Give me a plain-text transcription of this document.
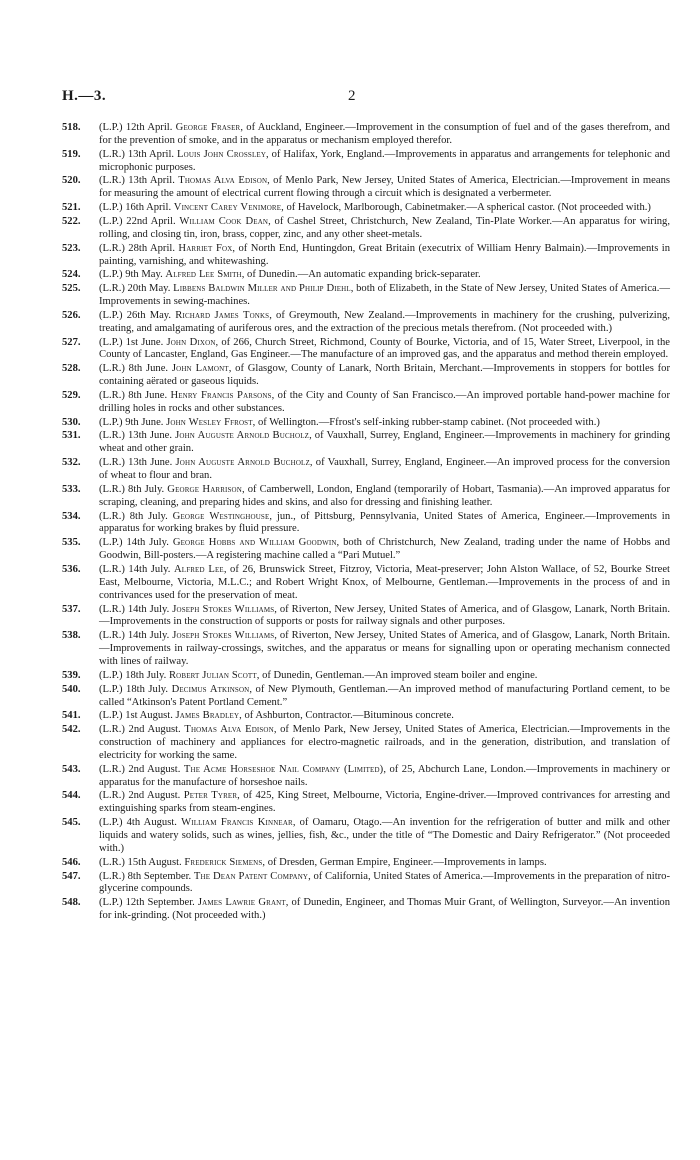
H.—3.	2
518. (L.P.) 12th April. George Fraser, of Auckland, Engineer.—Improvement in the consumption of fuel and of the gases therefrom, and for the prevention of smoke, and in the apparatus or mechanism employed therefor.
519. (L.R.) 13th April. Louis John Crossley, of Halifax, York, England.—Improvements in apparatus and arrangements for telephonic and microphonic purposes.
520. (L.R.) 13th April. Thomas Alva Edison, of Menlo Park, New Jersey, United States of America, Electrician.—Improvement in means for measuring the amount of electrical current flowing through a circuit which is designated a verbermeter.
521. (L.P.) 16th April. Vincent Carey Venimore, of Havelock, Marlborough, Cabinetmaker.—A spherical castor. (Not proceeded with.)
522. (L.P.) 22nd April. William Cook Dean, of Cashel Street, Christchurch, New Zealand, Tin-Plate Worker.—An apparatus for wiring, rolling, and closing tin, iron, brass, copper, zinc, and any other sheet-metals.
523. (L.R.) 28th April. Harriet Fox, of North End, Huntingdon, Great Britain (executrix of William Henry Balmain).—Improvements in painting, varnishing, and whitewashing.
524. (L.P.) 9th May. Alfred Lee Smith, of Dunedin.—An automatic expanding brick-separater.
525. (L.R.) 20th May. Libbens Baldwin Miller and Philip Diehl, both of Elizabeth, in the State of New Jersey, United States of America.—Improvements in sewing-machines.
526. (L.P.) 26th May. Richard James Tonks, of Greymouth, New Zealand.—Improvements in machinery for the crushing, pulverizing, treating, and amalgamating of auriferous ores, and the extraction of the precious metals therefrom. (Not proceeded with.)
527. (L.P.) 1st June. John Dixon, of 266, Church Street, Richmond, County of Bourke, Victoria, and of 15, Water Street, Liverpool, in the County of Lancaster, England, Gas Engineer.—The manufacture of an improved gas, and the apparatus and method therein employed.
528. (L.R.) 8th June. John Lamont, of Glasgow, County of Lanark, North Britain, Merchant.—Improvements in stoppers for bottles for containing aërated or gaseous liquids.
529. (L.R.) 8th June. Henry Francis Parsons, of the City and County of San Francisco.—An improved portable hand-power machine for drilling holes in rocks and other substances.
530. (L.P.) 9th June. John Wesley Ffrost, of Wellington.—Ffrost's self-inking rubber-stamp cabinet. (Not proceeded with.)
531. (L.R.) 13th June. John Auguste Arnold Bucholz, of Vauxhall, Surrey, England, Engineer.—Improvements in machinery for grinding wheat and other grain.
532. (L.R.) 13th June. John Auguste Arnold Bucholz, of Vauxhall, Surrey, England, Engineer.—An improved process for the conversion of wheat to flour and bran.
533. (L.R.) 8th July. George Harrison, of Camberwell, London, England (temporarily of Hobart, Tasmania).—An improved apparatus for scraping, cleaning, and preparing hides and skins, and also for dressing and finishing leather.
534. (L.R.) 8th July. George Westinghouse, jun., of Pittsburg, Pennsylvania, United States of America, Engineer.—Improvements in apparatus for working brakes by fluid pressure.
535. (L.P.) 14th July. George Hobbs and William Goodwin, both of Christchurch, New Zealand, trading under the name of Hobbs and Goodwin, Bill-posters.—A registering machine called a “Pari Mutuel.”
536. (L.R.) 14th July. Alfred Lee, of 26, Brunswick Street, Fitzroy, Victoria, Meat-preserver; John Alston Wallace, of 52, Bourke Street East, Melbourne, Victoria, M.L.C.; and Robert Wright Knox, of Melbourne, Gentleman.—Improvements in the process of and in contrivances used for the preservation of meat.
537. (L.R.) 14th July. Joseph Stokes Williams, of Riverton, New Jersey, United States of America, and of Glasgow, Lanark, North Britain.—Improvements in the construction of supports or posts for railway signals and other purposes.
538. (L.R.) 14th July. Joseph Stokes Williams, of Riverton, New Jersey, United States of America, and of Glasgow, Lanark, North Britain.—Improvements in railway-crossings, switches, and the apparatus or means for signalling upon or operating mechanism connected with lines of railway.
539. (L.P.) 18th July. Robert Julian Scott, of Dunedin, Gentleman.—An improved steam boiler and engine.
540. (L.P.) 18th July. Decimus Atkinson, of New Plymouth, Gentleman.—An improved method of manufacturing Portland cement, to be called “Atkinson's Patent Portland Cement.”
541. (L.P.) 1st August. James Bradley, of Ashburton, Contractor.—Bituminous concrete.
542. (L.R.) 2nd August. Thomas Alva Edison, of Menlo Park, New Jersey, United States of America, Electrician.—Improvements in the construction of machinery and appliances for electro-magnetic railroads, and in the generation, distribution, and translation of electricity for working the same.
543. (L.R.) 2nd August. The Acme Horseshoe Nail Company (Limited), of 25, Abchurch Lane, London.—Improvements in machinery or apparatus for the manufacture of horseshoe nails.
544. (L.R.) 2nd August. Peter Tyrer, of 425, King Street, Melbourne, Victoria, Engine-driver.—Improved contrivances for arresting and extinguishing sparks from steam-engines.
545. (L.P.) 4th August. William Francis Kinnear, of Oamaru, Otago.—An invention for the refrigeration of butter and milk and other liquids and watery solids, such as wines, jellies, fish, &c., under the title of “The Domestic and Dairy Refrigerator.” (Not proceeded with.)
546. (L.R.) 15th August. Frederick Siemens, of Dresden, German Empire, Engineer.—Improvements in lamps.
547. (L.R.) 8th September. The Dean Patent Company, of California, United States of America.—Improvements in the preparation of nitro-glycerine compounds.
548. (L.P.) 12th September. James Lawrie Grant, of Dunedin, Engineer, and Thomas Muir Grant, of Wellington, Surveyor.—An invention for ink-grinding. (Not proceeded with.)
